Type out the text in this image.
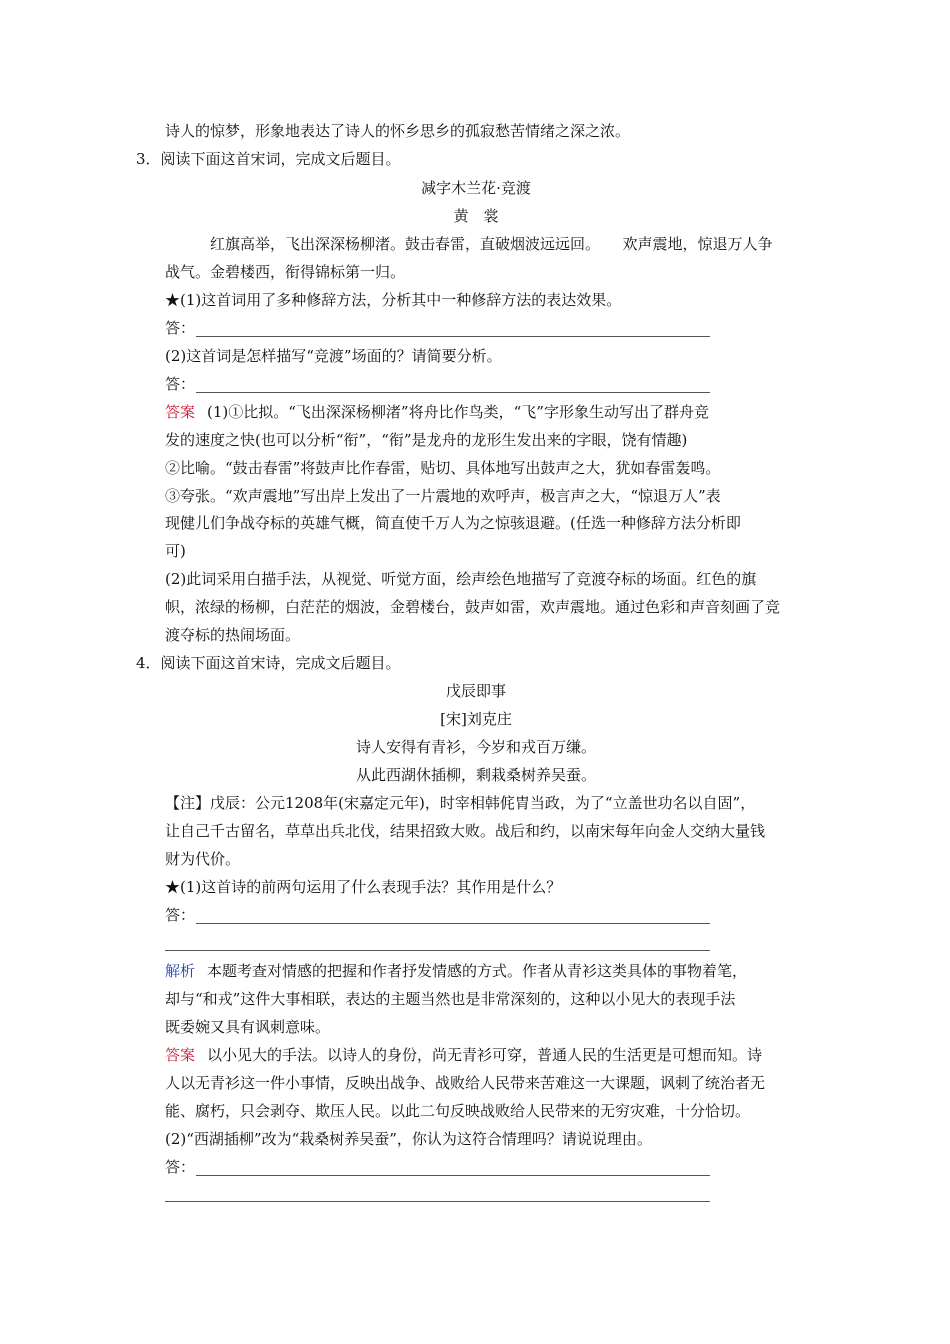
诗人的惊梦，形象地表达了诗人的怀乡思乡的孤寂愁苦情绪之深之浓。
3．阅读下面这首宋词，完成文后题目。
减字木兰花·竞渡
黄　裳
红旗高举，飞出深深杨柳渚。鼓击春雷，直破烟波远远回。　　欢声震地，惊退万人争
战气。金碧楼西，衔得锦标第一归。
★(1)这首词用了多种修辞方法，分析其中一种修辞方法的表达效果。
答：
(2)这首词是怎样描写“竞渡”场面的？请简要分析。
答：
答案 (1)①比拟。“飞出深深杨柳渚”将舟比作鸟类，“飞”字形象生动写出了群舟竞
发的速度之快(也可以分析“衔”，“衔”是龙舟的龙形生发出来的字眼，饶有情趣)
②比喻。“鼓击春雷”将鼓声比作春雷，贴切、具体地写出鼓声之大，犹如春雷轰鸣。
③夸张。“欢声震地”写出岸上发出了一片震地的欢呼声，极言声之大，“惊退万人”表
现健儿们争战夺标的英雄气概，简直使千万人为之惊骇退避。(任选一种修辞方法分析即
可)
(2)此词采用白描手法，从视觉、听觉方面，绘声绘色地描写了竞渡夺标的场面。红色的旗
帜，浓绿的杨柳，白茫茫的烟波，金碧楼台，鼓声如雷，欢声震地。通过色彩和声音刻画了竞
渡夺标的热闹场面。
4．阅读下面这首宋诗，完成文后题目。
戊辰即事
[宋]刘克庄
诗人安得有青衫，今岁和戎百万缣。
从此西湖休插柳，剩栽桑树养吴蚕。
【注】戊辰：公元1208年(宋嘉定元年)，时宰相韩侂胄当政，为了“立盖世功名以自固”，
让自己千古留名，草草出兵北伐，结果招致大败。战后和约，以南宋每年向金人交纳大量钱
财为代价。
★(1)这首诗的前两句运用了什么表现手法？其作用是什么？
答：
解析 本题考查对情感的把握和作者抒发情感的方式。作者从青衫这类具体的事物着笔，
却与“和戎”这件大事相联，表达的主题当然也是非常深刻的，这种以小见大的表现手法
既委婉又具有讽刺意味。
答案 以小见大的手法。以诗人的身份，尚无青衫可穿，普通人民的生活更是可想而知。诗
人以无青衫这一件小事情，反映出战争、战败给人民带来苦难这一大课题，讽刺了统治者无
能、腐朽，只会剥夺、欺压人民。以此二句反映战败给人民带来的无穷灾难，十分恰切。
(2)“西湖插柳”改为“栽桑树养吴蚕”，你认为这符合情理吗？请说说理由。
答：
